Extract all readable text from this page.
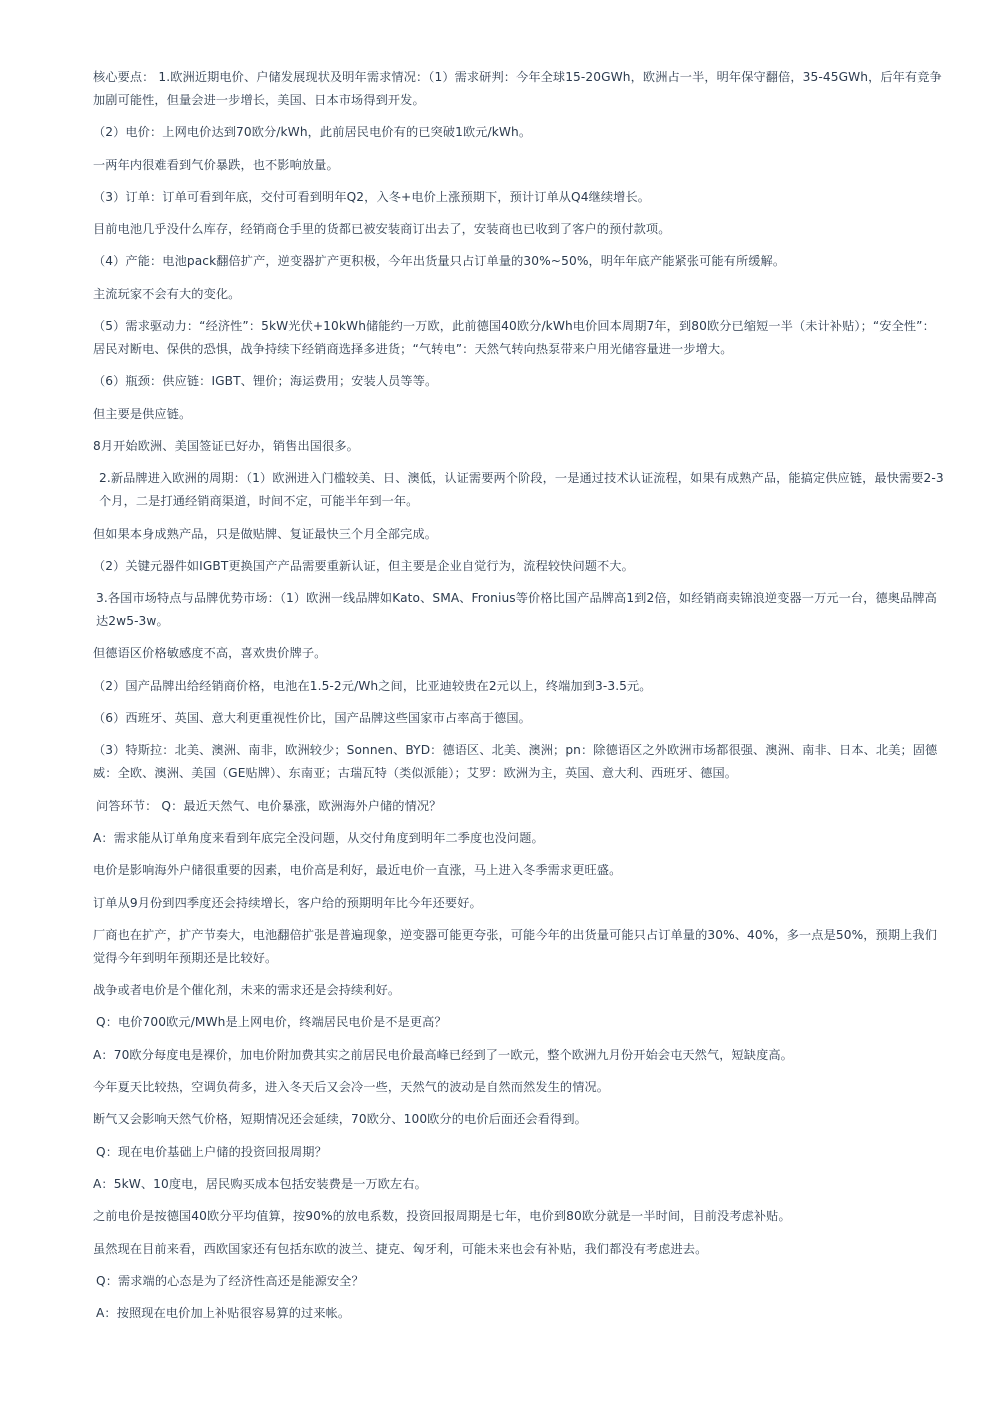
核心要点： 1.欧洲近期电价、户储发展现状及明年需求情况：（1）需求研判：今年全球15-20GWh，欧洲占一半，明年保守翻倍，35-45GWh，后年有竞争加剧可能性，但量会进一步增长，美国、日本市场得到开发。

（2）电价：上网电价达到70欧分/kWh，此前居民电价有的已突破1欧元/kWh。

一两年内很难看到气价暴跌，也不影响放量。

（3）订单：订单可看到年底，交付可看到明年Q2，入冬+电价上涨预期下，预计订单从Q4继续增长。

目前电池几乎没什么库存，经销商仓手里的货都已被安装商订出去了，安装商也已收到了客户的预付款项。

（4）产能：电池pack翻倍扩产，逆变器扩产更积极，今年出货量只占订单量的30%~50%，明年年底产能紧张可能有所缓解。

主流玩家不会有大的变化。

（5）需求驱动力：“经济性”：5kW光伏+10kWh储能约一万欧，此前德国40欧分/kWh电价回本周期7年，到80欧分已缩短一半（未计补贴）；“安全性”：居民对断电、保供的恐惧，战争持续下经销商选择多进货；“气转电”：天然气转向热泵带来户用光储容量进一步增大。

（6）瓶颈：供应链：IGBT、锂价；海运费用；安装人员等等。

但主要是供应链。

8月开始欧洲、美国签证已好办，销售出国很多。

2.新品牌进入欧洲的周期：（1）欧洲进入门槛较美、日、澳低，认证需要两个阶段，一是通过技术认证流程，如果有成熟产品，能搞定供应链，最快需要2-3个月，二是打通经销商渠道，时间不定，可能半年到一年。

但如果本身成熟产品，只是做贴牌、复证最快三个月全部完成。

（2）关键元器件如IGBT更换国产产品需要重新认证，但主要是企业自觉行为，流程较快问题不大。

3.各国市场特点与品牌优势市场：（1）欧洲一线品牌如Kato、SMA、Fronius等价格比国产品牌高1到2倍，如经销商卖锦浪逆变器一万元一台，德奥品牌高达2w5-3w。

但德语区价格敏感度不高，喜欢贵价牌子。

（2）国产品牌出给经销商价格，电池在1.5-2元/Wh之间，比亚迪较贵在2元以上，终端加到3-3.5元。

（6）西班牙、英国、意大利更重视性价比，国产品牌这些国家市占率高于德国。

（3）特斯拉：北美、澳洲、南非，欧洲较少；Sonnen、BYD：德语区、北美、澳洲；pn：除德语区之外欧洲市场都很强、澳洲、南非、日本、北美；固德威：全欧、澳洲、美国（GE贴牌）、东南亚；古瑞瓦特（类似派能）；艾罗：欧洲为主，英国、意大利、西班牙、德国。

问答环节： Q：最近天然气、电价暴涨，欧洲海外户储的情况？

A：需求能从订单角度来看到年底完全没问题，从交付角度到明年二季度也没问题。

电价是影响海外户储很重要的因素，电价高是利好，最近电价一直涨，马上进入冬季需求更旺盛。

订单从9月份到四季度还会持续增长，客户给的预期明年比今年还要好。

厂商也在扩产，扩产节奏大，电池翻倍扩张是普遍现象，逆变器可能更夸张，可能今年的出货量可能只占订单量的30%、40%，多一点是50%，预期上我们觉得今年到明年预期还是比较好。

战争或者电价是个催化剂，未来的需求还是会持续利好。

Q：电价700欧元/MWh是上网电价，终端居民电价是不是更高？

A：70欧分每度电是裸价，加电价附加费其实之前居民电价最高峰已经到了一欧元，整个欧洲九月份开始会屯天然气，短缺度高。

今年夏天比较热，空调负荷多，进入冬天后又会冷一些，天然气的波动是自然而然发生的情况。

断气又会影响天然气价格，短期情况还会延续，70欧分、100欧分的电价后面还会看得到。

Q：现在电价基础上户储的投资回报周期？

A：5kW、10度电，居民购买成本包括安装费是一万欧左右。

之前电价是按德国40欧分平均值算，按90%的放电系数，投资回报周期是七年，电价到80欧分就是一半时间，目前没考虑补贴。

虽然现在目前来看，西欧国家还有包括东欧的波兰、捷克、匈牙利，可能未来也会有补贴，我们都没有考虑进去。

Q：需求端的心态是为了经济性高还是能源安全？

A：按照现在电价加上补贴很容易算的过来帐。
